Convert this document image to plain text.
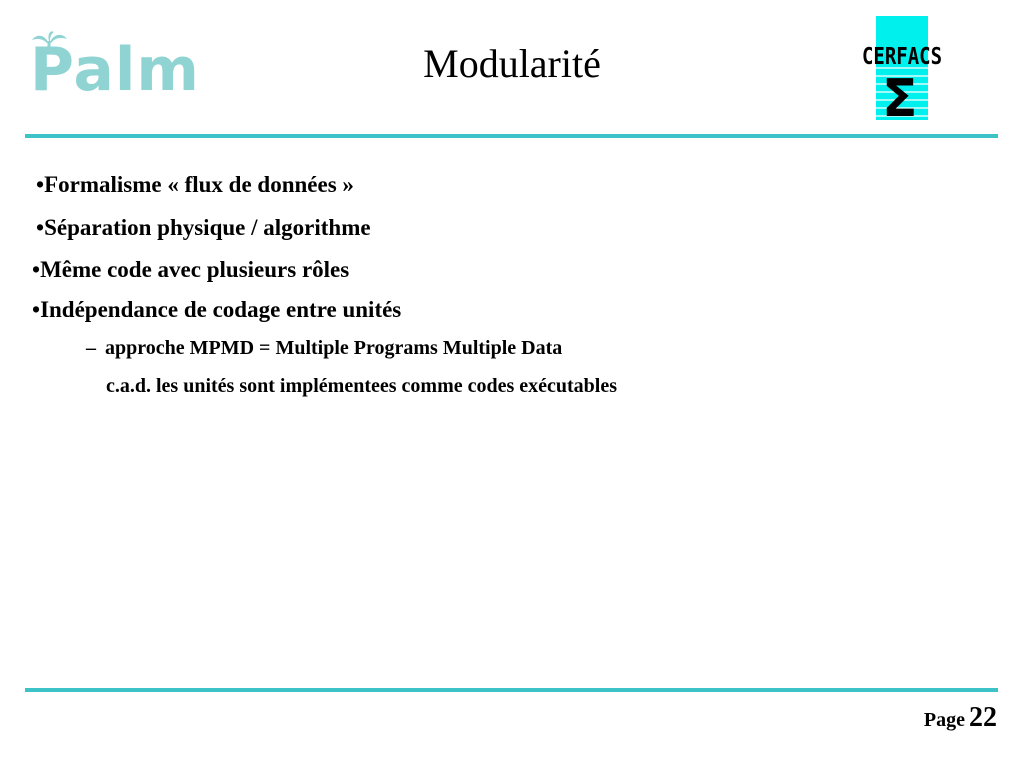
Palm	Modularité	CERFACS
Σ
•Formalisme « flux de données »
•Séparation physique / algorithme
•Même code avec plusieurs rôles
•Indépendance de codage entre unités
– approche MPMD = Multiple Programs Multiple Data
c.a.d. les unités sont implémentees comme codes exécutables
Page 22
